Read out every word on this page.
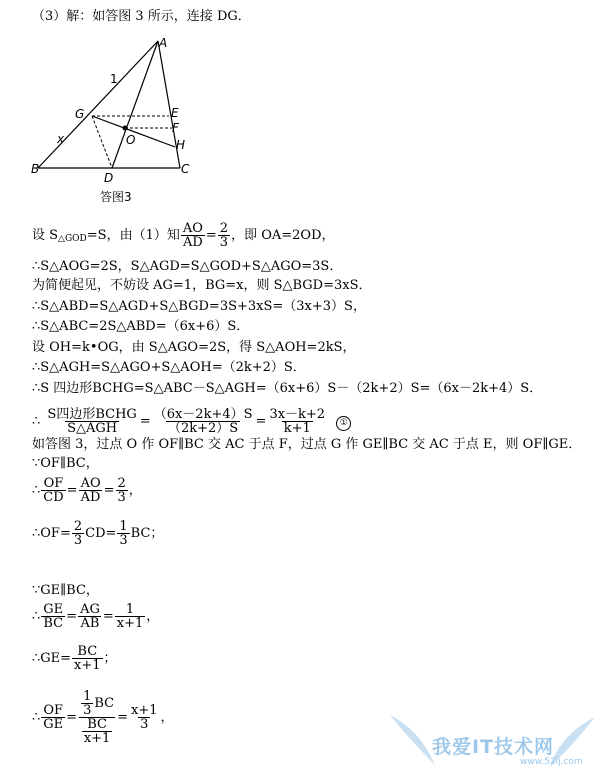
（3）解：如答图 3 所示，连接 DG．
A
1
G	E
F
O	H
x
B
D
C
答图3
设 $S_{\triangle GOD}=S$，由（1）知 $\frac{AO}{AD} = \frac{2}{3}$ ，即 OA=2OD，
∴S△AOG=2S，S△AGD=S△GOD+S△AGO=3S．
为简便起见，不妨设 AG=1，BG=x，则 S△BGD=3xS．
∴S△ABD=S△AGD+S△BGD=3S+3xS=（3x+3）S，
∴S△ABC=2S△ABD=（6x+6）S．
设 OH=k•OG，由 S△AGO=2S，得 S△AOH=2kS，
∴S△AGH=S△AGO+S△AOH=（2k+2）S．
∴S 四边形BCHG=S△ABC－S△AGH=（6x+6）S－（2k+2）S=（6x－2k+4）S．
∴ $\frac{\text{S四边形BCHG}}{\text{S△AGH}} = \frac{(6x-2k+4)S}{(2k+2)S} = \frac{3x-k+2}{k+1}$ ①
如答图 3，过点 O 作 OF∥BC 交 AC 于点 F，过点 G 作 GE∥BC 交 AC 于点 E，则 OF∥GE．
∵OF∥BC，
∴ $\frac{OF}{CD} = \frac{AO}{AD} = \frac{2}{3}$ ，
∴OF= $\frac{2}{3} CD= \frac{1}{3}$ BC；
∵GE∥BC，
∴ $\frac{GE}{BC} = \frac{AG}{AB} = \frac{1}{x+1}$ ，
∴GE= $\frac{BC}{x+1}$ ；
∴ $\frac{OF}{GE} = \frac{\frac{1}{3} BC}{\frac{BC}{x+1}} = \frac{x+1}{3}$ ，
我爱IT技术网
www.52ij.com
